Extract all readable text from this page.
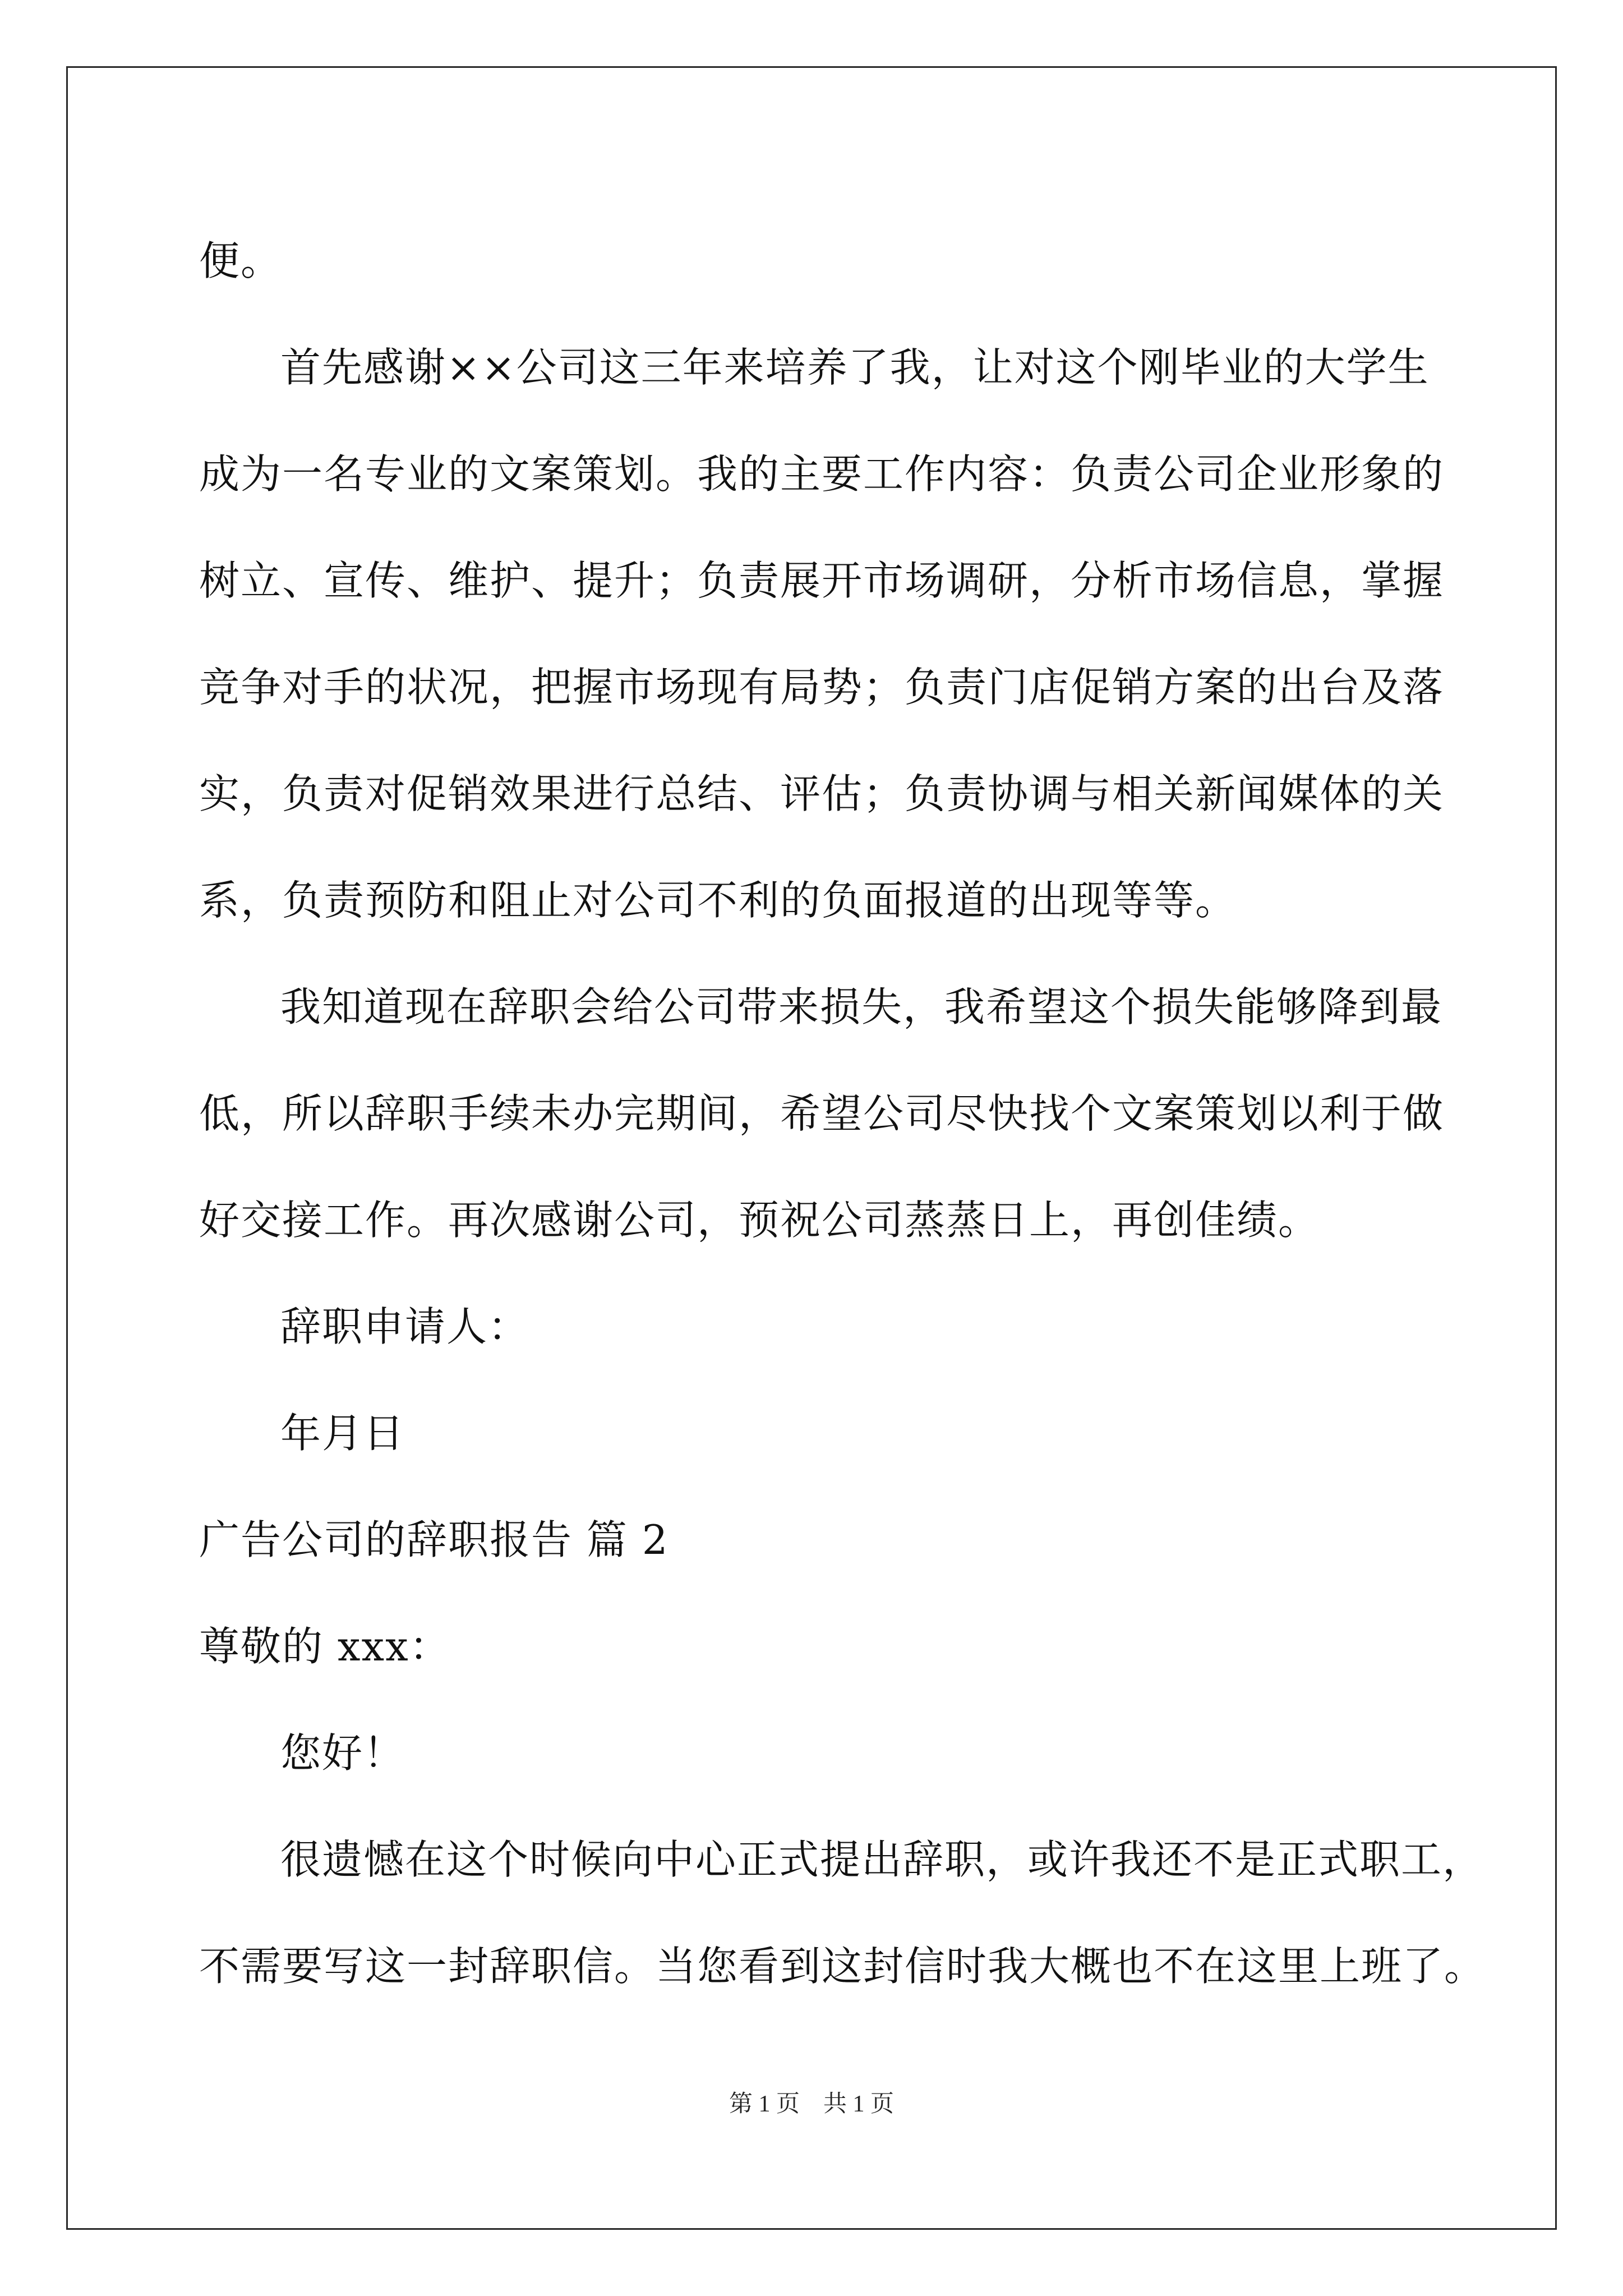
便。

首先感谢××公司这三年来培养了我，让对这个刚毕业的大学生

成为一名专业的文案策划。我的主要工作内容：负责公司企业形象的

树立、宣传、维护、提升；负责展开市场调研，分析市场信息，掌握

竞争对手的状况，把握市场现有局势；负责门店促销方案的出台及落

实，负责对促销效果进行总结、评估；负责协调与相关新闻媒体的关

系，负责预防和阻止对公司不利的负面报道的出现等等。

我知道现在辞职会给公司带来损失，我希望这个损失能够降到最

低，所以辞职手续未办完期间，希望公司尽快找个文案策划以利于做

好交接工作。再次感谢公司，预祝公司蒸蒸日上，再创佳绩。

辞职申请人：

年月日

广告公司的辞职报告 篇 2

尊敬的 xxx：

您好！

很遗憾在这个时候向中心正式提出辞职，或许我还不是正式职工，

不需要写这一封辞职信。当您看到这封信时我大概也不在这里上班了。

第 1 页　共 1 页
